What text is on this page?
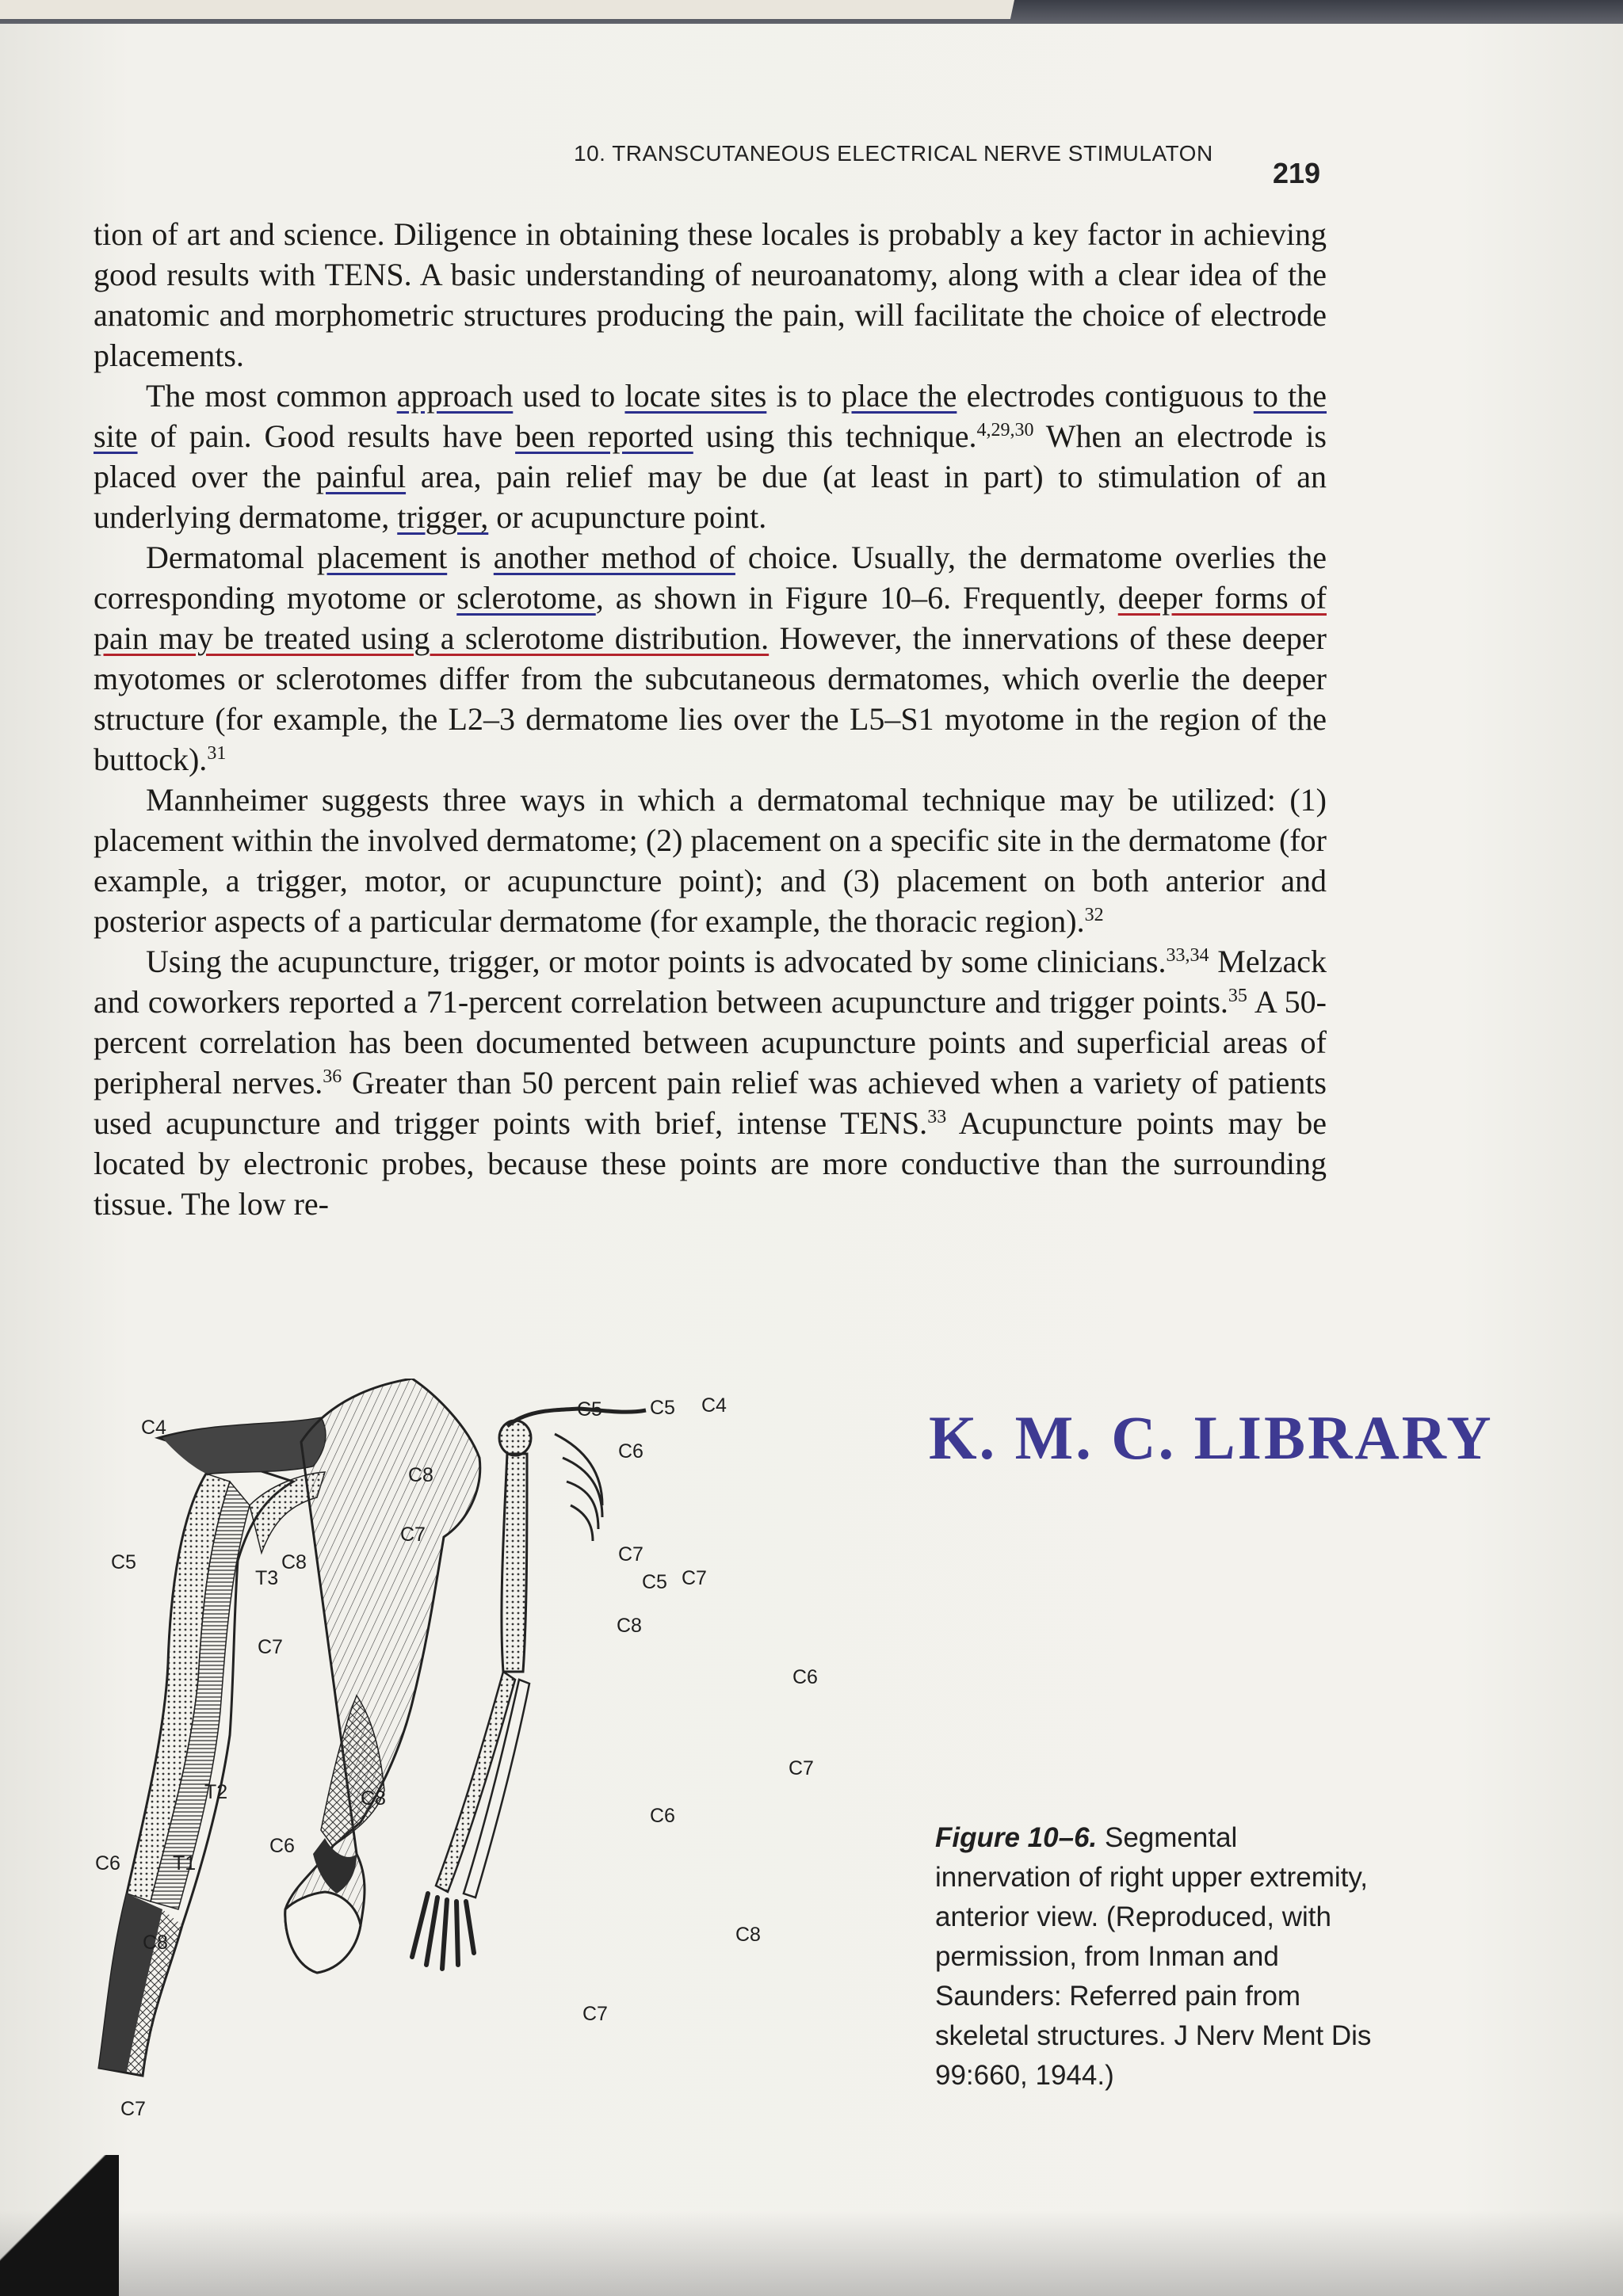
10. TRANSCUTANEOUS ELECTRICAL NERVE STIMULATON
219

tion of art and science. Diligence in obtaining these locales is probably a key factor in achieving good results with TENS. A basic understanding of neuroanatomy, along with a clear idea of the anatomic and morphometric structures producing the pain, will facilitate the choice of electrode placements.

The most common approach used to locate sites is to place the electrodes contiguous to the site of pain. Good results have been reported using this technique.$^{4,29,30}$ When an electrode is placed over the painful area, pain relief may be due (at least in part) to stimulation of an underlying dermatome, trigger, or acupuncture point.

Dermatomal placement is another method of choice. Usually, the dermatome overlies the corresponding myotome or sclerotome, as shown in Figure 10–6. Frequently, deeper forms of pain may be treated using a sclerotome distribution. However, the innervations of these deeper myotomes or sclerotomes differ from the subcutaneous dermatomes, which overlie the deeper structure (for example, the L2–3 dermatome lies over the L5–S1 myotome in the region of the buttock).$^{31}$

Mannheimer suggests three ways in which a dermatomal technique may be utilized: (1) placement within the involved dermatome; (2) placement on a specific site in the dermatome (for example, a trigger, motor, or acupuncture point); and (3) placement on both anterior and posterior aspects of a particular dermatome (for example, the thoracic region).$^{32}$

Using the acupuncture, trigger, or motor points is advocated by some clinicians.$^{33,34}$ Melzack and coworkers reported a 71-percent correlation between acupuncture and trigger points.$^{35}$ A 50-percent correlation has been documented between acupuncture points and superficial areas of peripheral nerves.$^{36}$ Greater than 50 percent pain relief was achieved when a variety of patients used acupuncture and trigger points with brief, intense TENS.$^{33}$ Acupuncture points may be located by electronic probes, because these points are more conductive than the surrounding tissue. The low re-

C4
C5
T3
T2
C6
C6	T1
C8
C7
C8
C7
C8
C7
C8
C5 C5 C4
C6
C7
C7
C5
C8
C6
C7
C6
C8
C7
K. M. C. LIBRARY
Figure 10–6. Segmental innervation of right upper extremity, anterior view. (Reproduced, with permission, from Inman and Saunders: Referred pain from skeletal structures. J Nerv Ment Dis 99:660, 1944.)
